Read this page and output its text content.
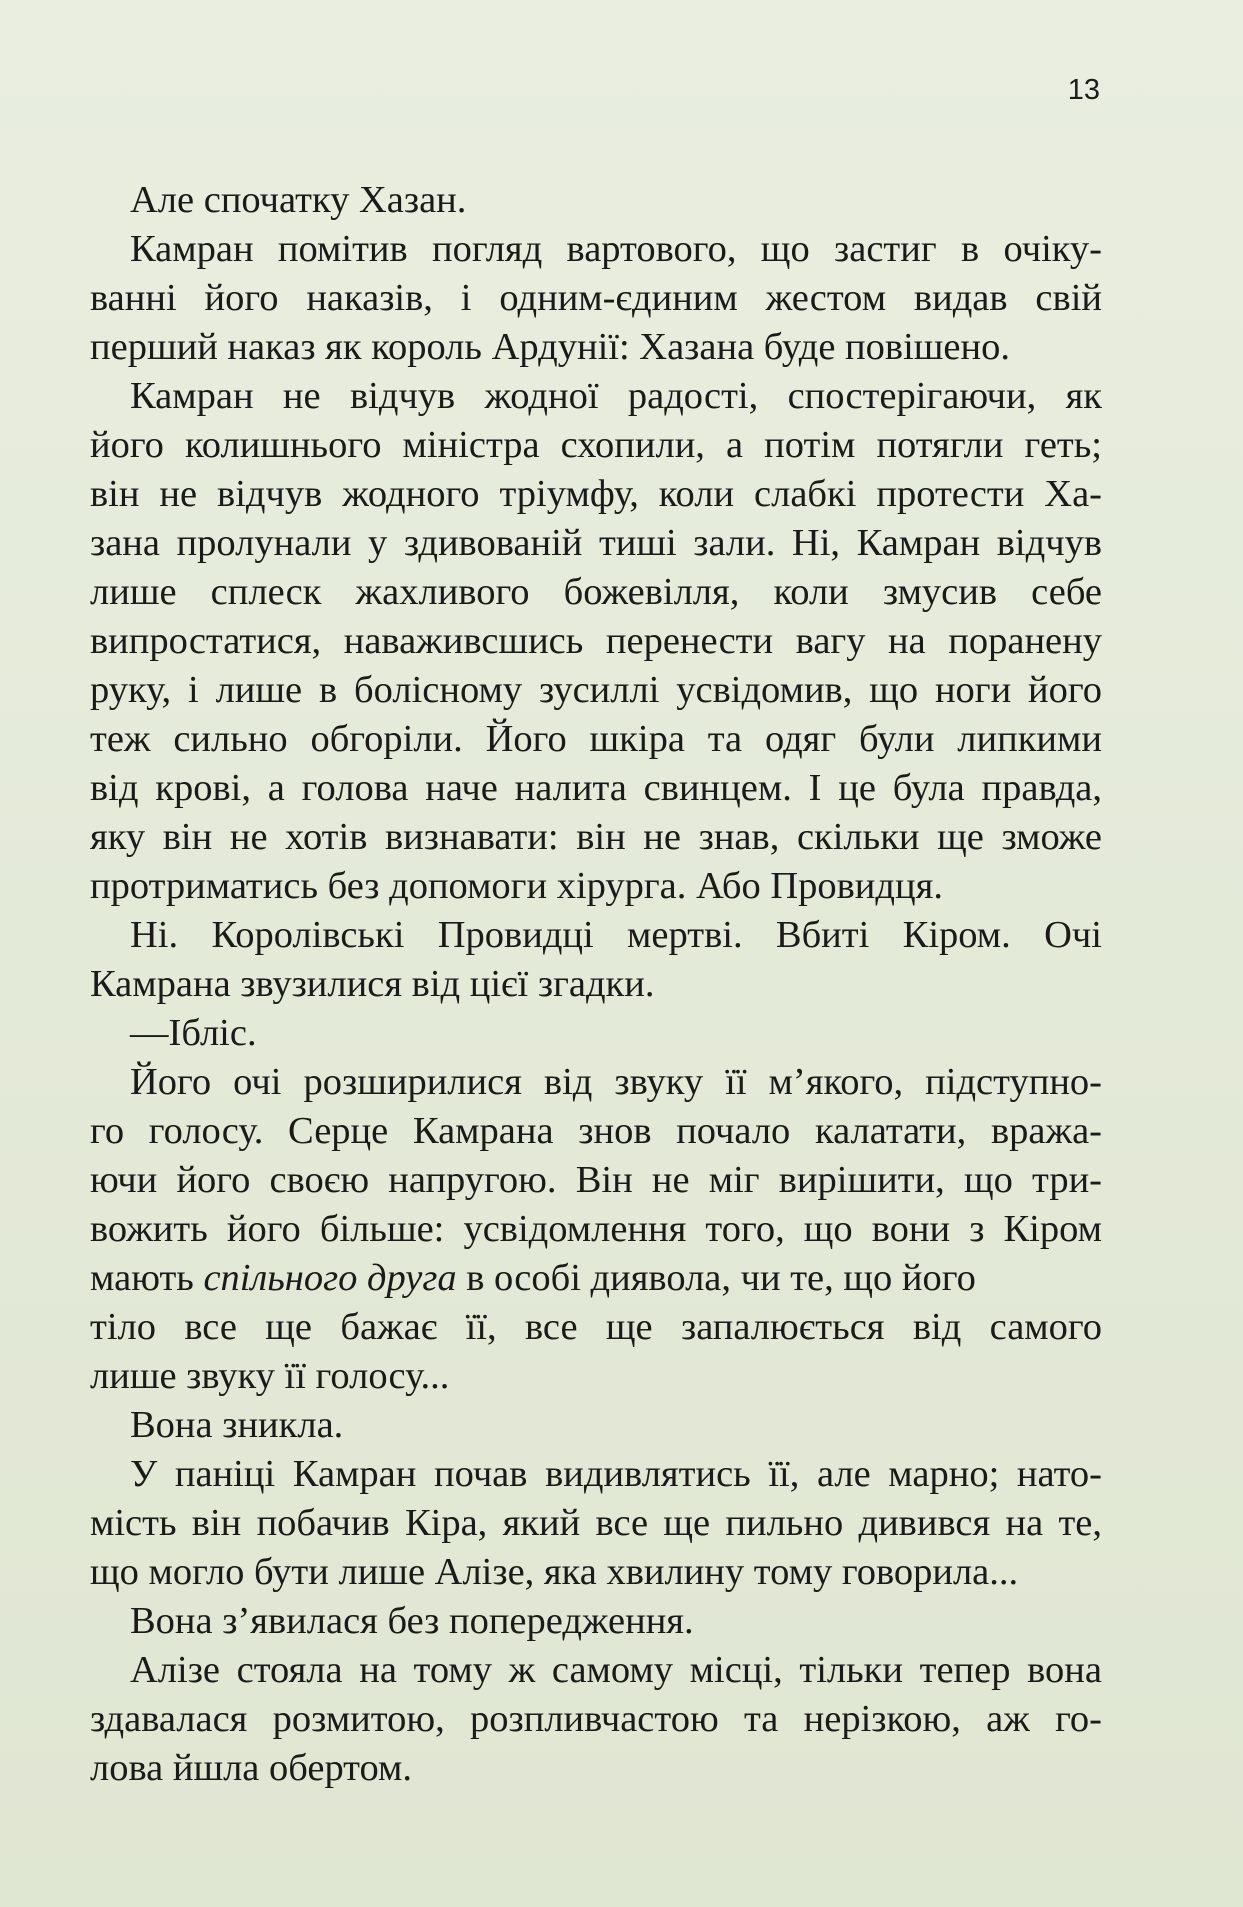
13
Але спочатку Хазан.
Камран помітив погляд вартового, що застиг в очіку-
ванні його наказів, і одним-єдиним жестом видав свій
перший наказ як король Ардунії: Хазана буде повішено.
Камран не відчув жодної радості, спостерігаючи, як
його колишнього міністра схопили, а потім потягли геть;
він не відчув жодного тріумфу, коли слабкі протести Ха-
зана пролунали у здивованій тиші зали. Ні, Камран відчув
лише сплеск жахливого божевілля, коли змусив себе
випростатися, наваживсшись перенести вагу на поранену
руку, і лише в болісному зусиллі усвідомив, що ноги його
теж сильно обгоріли. Його шкіра та одяг були липкими
від крові, а голова наче налита свинцем. І це була правда,
яку він не хотів визнавати: він не знав, скільки ще зможе
протриматись без допомоги хірурга. Або Провидця.
Ні. Королівські Провидці мертві. Вбиті Кіром. Очі
Камрана звузилися від цієї згадки.
—Ібліс.
Його очі розширилися від звуку її м’якого, підступно-
го голосу. Серце Камрана знов почало калатати, вража-
ючи його своєю напругою. Він не міг вирішити, що три-
вожить його більше: усвідомлення того, що вони з Кіром
мають спільного друга в особі диявола, чи те, що його
тіло все ще бажає її, все ще запалюється від самого
лише звуку її голосу...
Вона зникла.
У паніці Камран почав видивлятись її, але марно; нато-
мість він побачив Кіра, який все ще пильно дивився на те,
що могло бути лише Алізе, яка хвилину тому говорила...
Вона з’явилася без попередження.
Алізе стояла на тому ж самому місці, тільки тепер вона
здавалася розмитою, розпливчастою та нерізкою, аж го-
лова йшла обертом.
